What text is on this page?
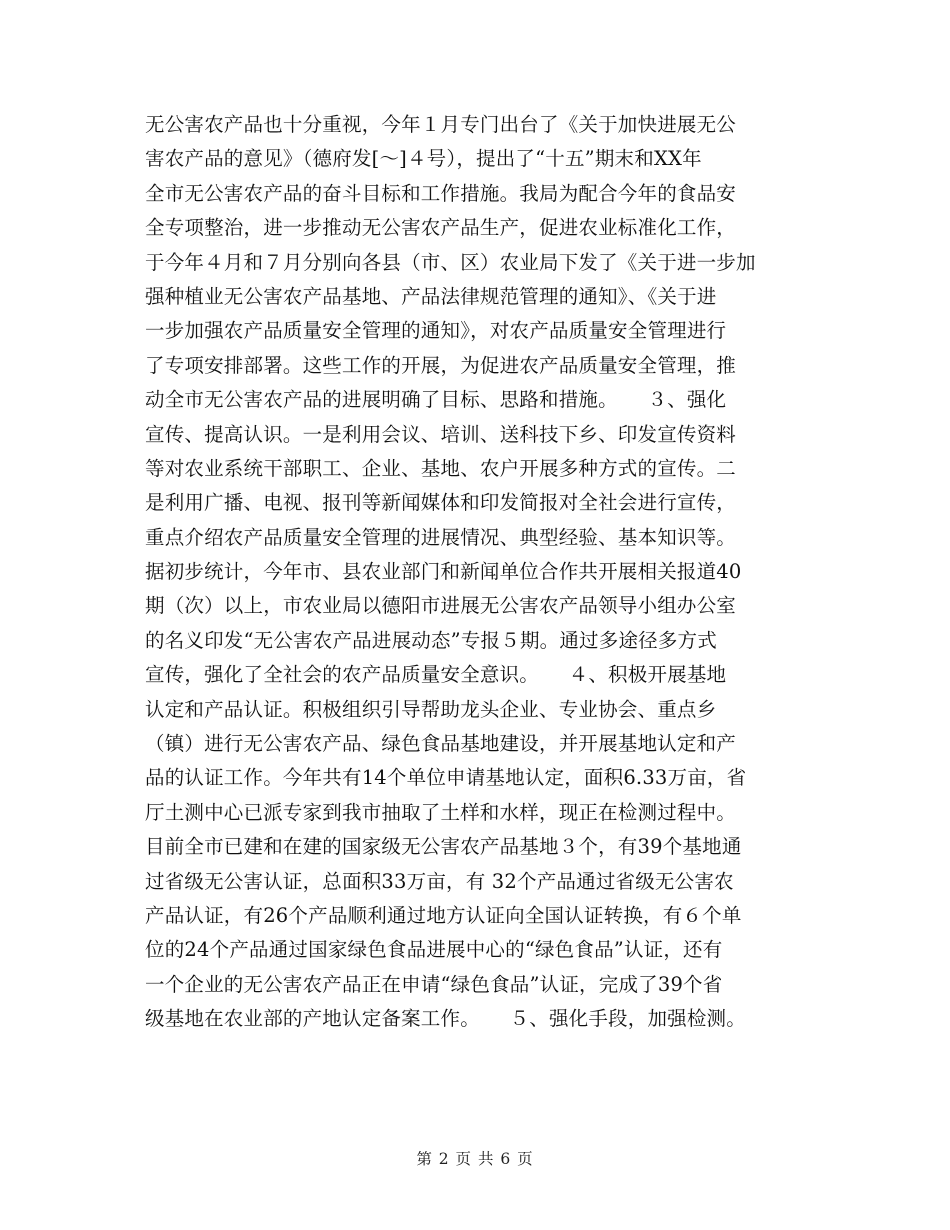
无公害农产品也十分重视，今年１月专门出台了《关于加快进展无公
害农产品的意见》（德府发[～]４号），提出了“十五”期末和XX年
全市无公害农产品的奋斗目标和工作措施。我局为配合今年的食品安
全专项整治，进一步推动无公害农产品生产，促进农业标准化工作，
于今年４月和７月分别向各县（市、区）农业局下发了《关于进一步加
强种植业无公害农产品基地、产品法律规范管理的通知》、《关于进
一步加强农产品质量安全管理的通知》，对农产品质量安全管理进行
了专项安排部署。这些工作的开展，为促进农产品质量安全管理，推
动全市无公害农产品的进展明确了目标、思路和措施。　　３、强化
宣传、提高认识。一是利用会议、培训、送科技下乡、印发宣传资料
等对农业系统干部职工、企业、基地、农户开展多种方式的宣传。二
是利用广播、电视、报刊等新闻媒体和印发简报对全社会进行宣传，
重点介绍农产品质量安全管理的进展情况、典型经验、基本知识等。
据初步统计，今年市、县农业部门和新闻单位合作共开展相关报道40
期（次）以上，市农业局以德阳市进展无公害农产品领导小组办公室
的名义印发“无公害农产品进展动态”专报５期。通过多途径多方式
宣传，强化了全社会的农产品质量安全意识。　　４、积极开展基地
认定和产品认证。积极组织引导帮助龙头企业、专业协会、重点乡
（镇）进行无公害农产品、绿色食品基地建设，并开展基地认定和产
品的认证工作。今年共有14个单位申请基地认定，面积6.33万亩，省
厅土测中心已派专家到我市抽取了土样和水样，现正在检测过程中。
目前全市已建和在建的国家级无公害农产品基地３个，有39个基地通
过省级无公害认证，总面积33万亩，有 32个产品通过省级无公害农
产品认证，有26个产品顺利通过地方认证向全国认证转换，有６个单
位的24个产品通过国家绿色食品进展中心的“绿色食品”认证，还有
一个企业的无公害农产品正在申请“绿色食品”认证，完成了39个省
级基地在农业部的产地认定备案工作。　　５、强化手段，加强检测。
第 2 页 共 6 页
